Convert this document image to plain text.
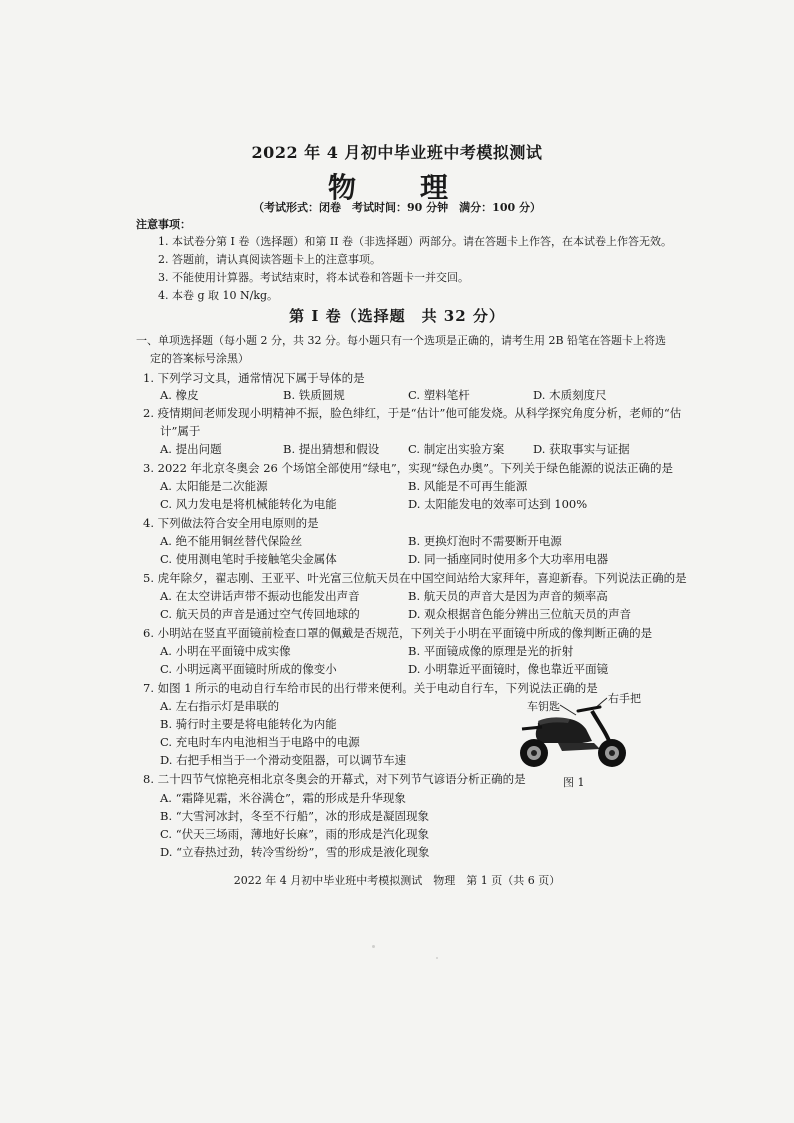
2022 年 4 月初中毕业班中考模拟测试
物　理
（考试形式：闭卷　考试时间：90 分钟　满分：100 分）
注意事项：
1. 本试卷分第 I 卷（选择题）和第 II 卷（非选择题）两部分。请在答题卡上作答，在本试卷上作答无效。
2. 答题前，请认真阅读答题卡上的注意事项。
3. 不能使用计算器。考试结束时，将本试卷和答题卡一并交回。
4. 本卷 g 取 10 N/kg。
第 I 卷（选择题　共 32 分）
一、单项选择题（每小题 2 分，共 32 分。每小题只有一个选项是正确的，请考生用 2B 铅笔在答题卡上将选
定的答案标号涂黑）
1. 下列学习文具，通常情况下属于导体的是
A. 橡皮	B. 铁质圆规	C. 塑料笔杆	D. 木质刻度尺
2. 疫情期间老师发现小明精神不振，脸色绯红，于是“估计”他可能发烧。从科学探究角度分析，老师的“估
计”属于
A. 提出问题	B. 提出猜想和假设 C. 制定出实验方案	D. 获取事实与证据
3. 2022 年北京冬奥会 26 个场馆全部使用“绿电”，实现“绿色办奥”。下列关于绿色能源的说法正确的是
A. 太阳能是二次能源	B. 风能是不可再生能源
C. 风力发电是将机械能转化为电能	D. 太阳能发电的效率可达到 100%
4. 下列做法符合安全用电原则的是
A. 绝不能用铜丝替代保险丝	B. 更换灯泡时不需要断开电源
C. 使用测电笔时手接触笔尖金属体	D. 同一插座同时使用多个大功率用电器
5. 虎年除夕，翟志刚、王亚平、叶光富三位航天员在中国空间站给大家拜年，喜迎新春。下列说法正确的是
A. 在太空讲话声带不振动也能发出声音	B. 航天员的声音大是因为声音的频率高
C. 航天员的声音是通过空气传回地球的	D. 观众根据音色能分辨出三位航天员的声音
6. 小明站在竖直平面镜前检查口罩的佩戴是否规范，下列关于小明在平面镜中所成的像判断正确的是
A. 小明在平面镜中成实像	B. 平面镜成像的原理是光的折射
C. 小明远离平面镜时所成的像变小	D. 小明靠近平面镜时，像也靠近平面镜
7. 如图 1 所示的电动自行车给市民的出行带来便利。关于电动自行车，下列说法正确的是
A. 左右指示灯是串联的
B. 骑行时主要是将电能转化为内能
C. 充电时车内电池相当于电路中的电源
D. 右把手相当于一个滑动变阻器，可以调节车速
车钥匙
右手把
图 1
8. 二十四节气惊艳亮相北京冬奥会的开幕式，对下列节气谚语分析正确的是
A. “霜降见霜，米谷满仓”，霜的形成是升华现象
B. “大雪河冰封，冬至不行船”，冰的形成是凝固现象
C. “伏天三场雨，薄地好长麻”，雨的形成是汽化现象
D. “立春热过劲，转冷雪纷纷”，雪的形成是液化现象
2022 年 4 月初中毕业班中考模拟测试　物理　第 1 页（共 6 页）
